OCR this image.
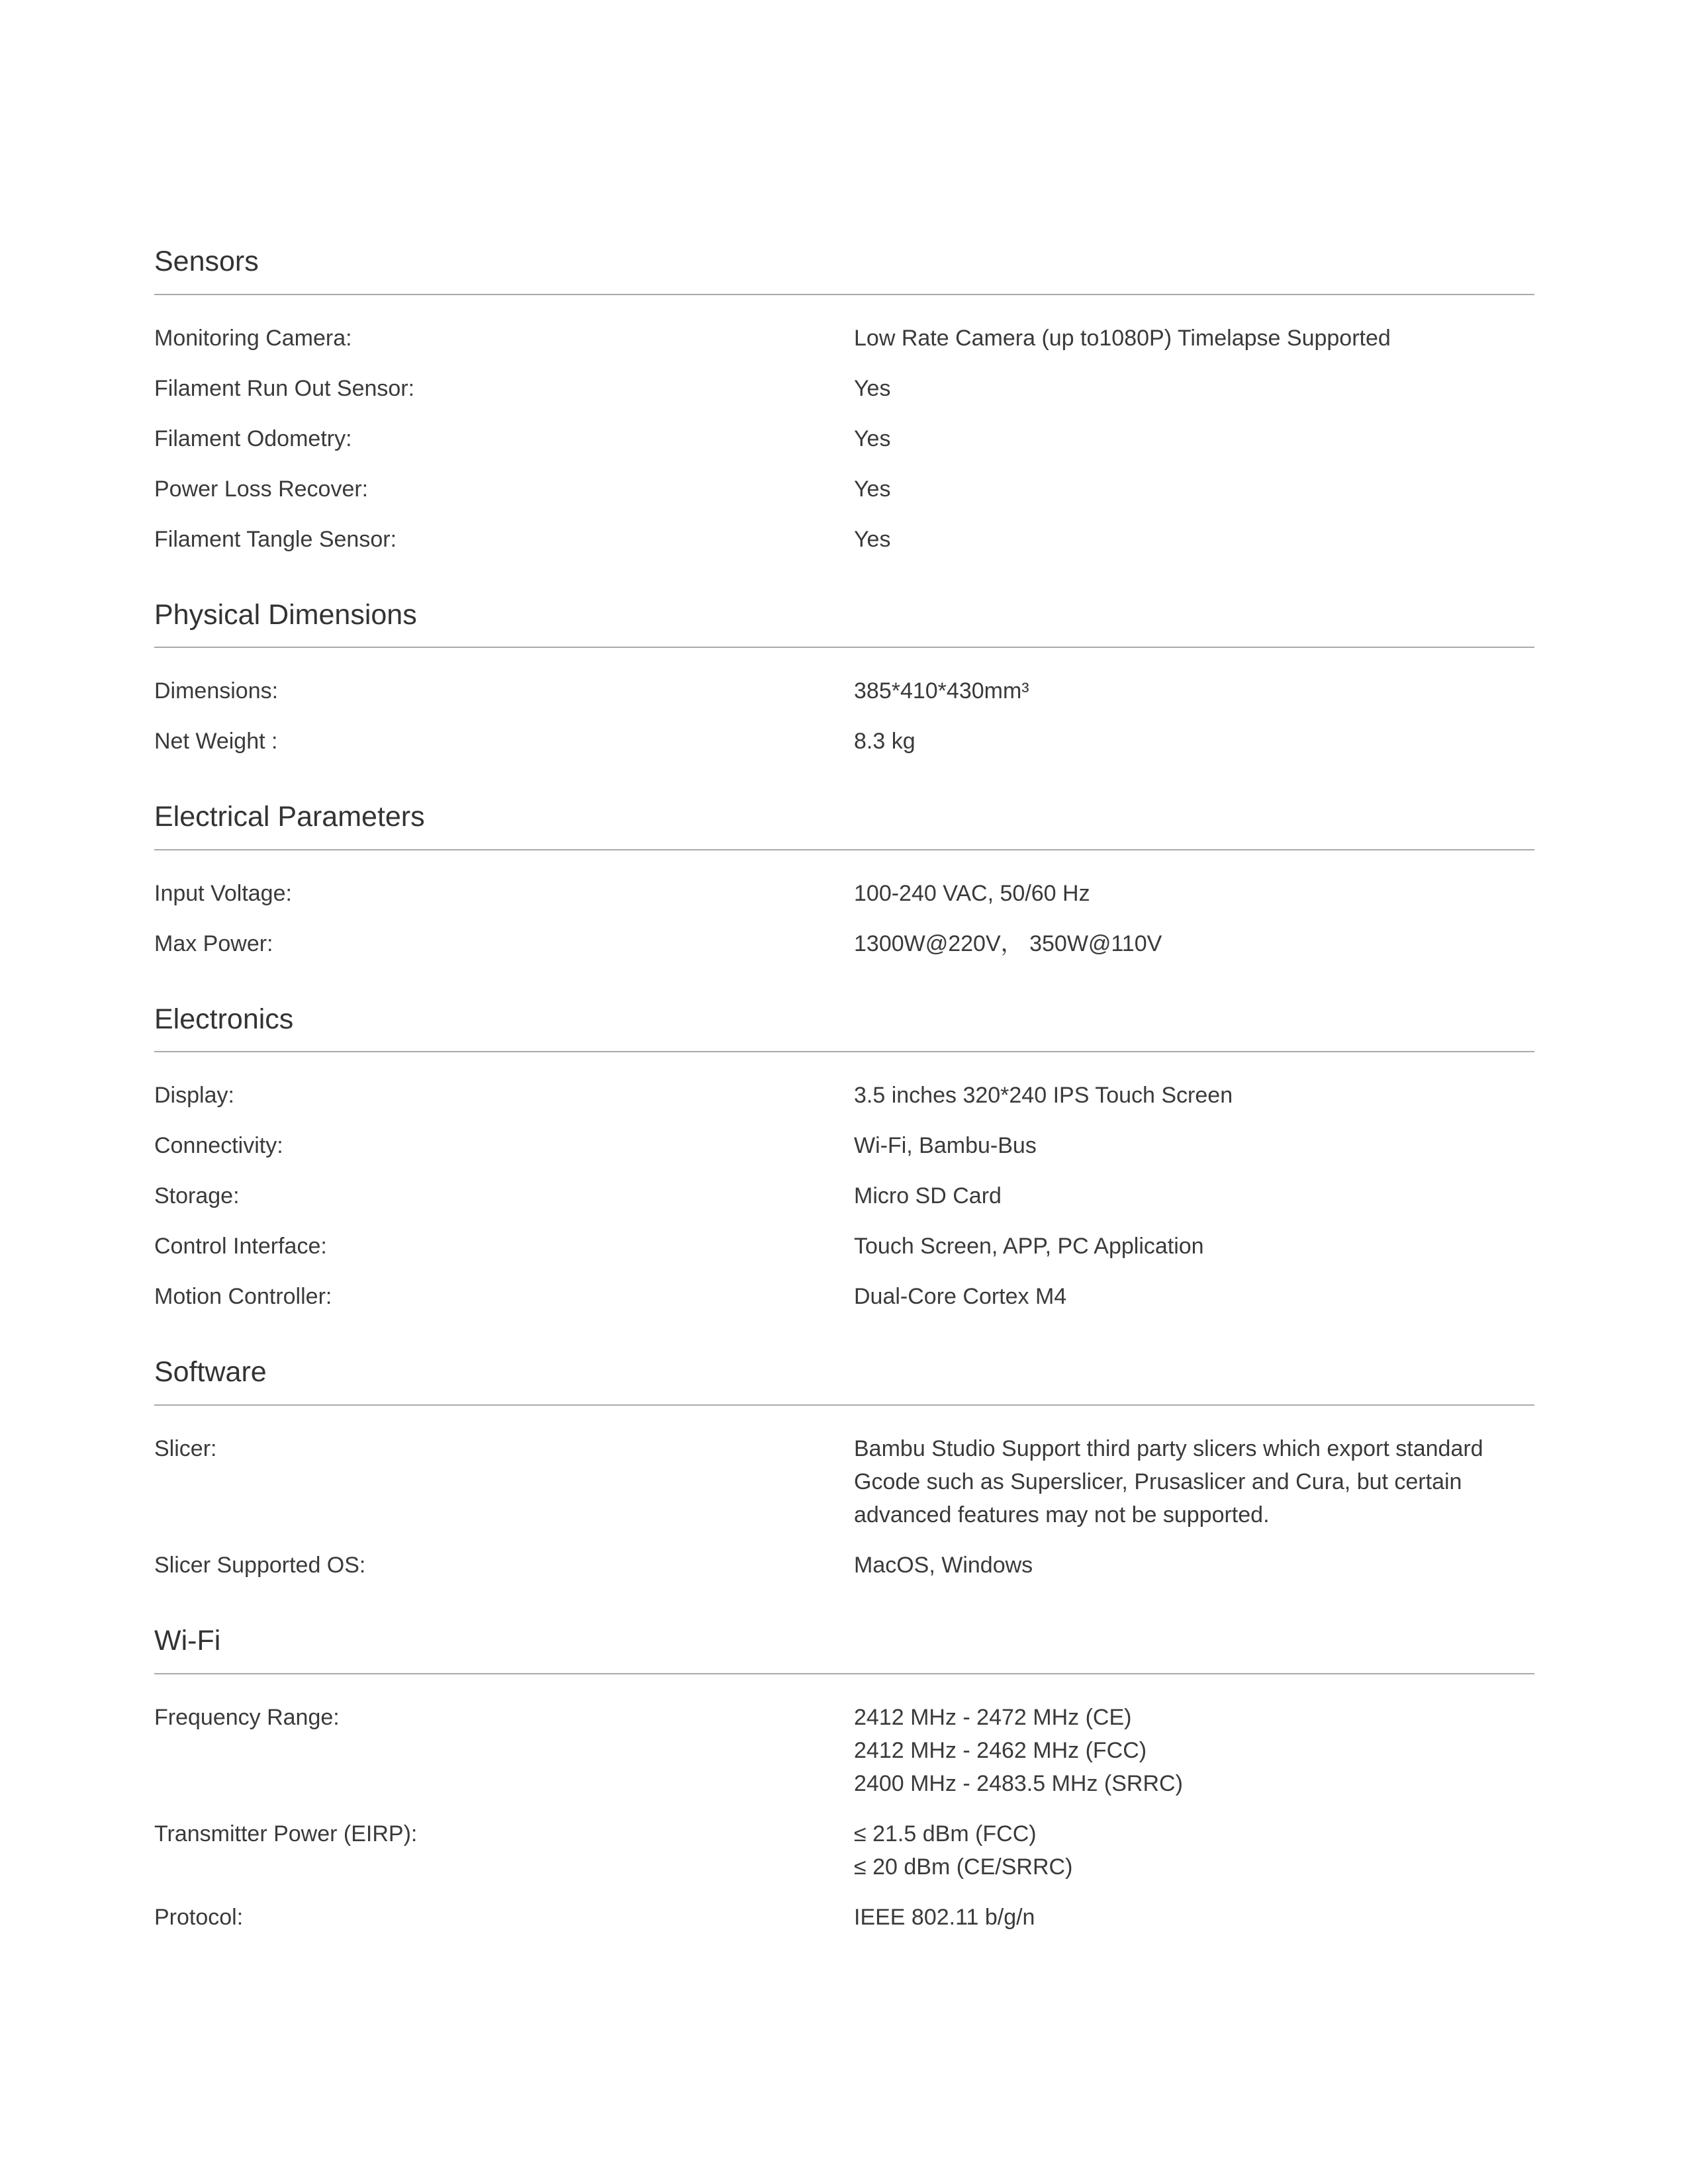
Sensors
Monitoring Camera:	Low Rate Camera (up to1080P) Timelapse Supported
Filament Run Out Sensor:	Yes
Filament Odometry:	Yes
Power Loss Recover:	Yes
Filament Tangle Sensor:	Yes
Physical Dimensions
Dimensions:	385*410*430mm³
Net Weight :	8.3 kg
Electrical Parameters
Input Voltage:	100-240 VAC, 50/60 Hz
Max Power:	1300W@220V， 350W@110V
Electronics
Display:	3.5 inches 320*240 IPS Touch Screen
Connectivity:	Wi-Fi, Bambu-Bus
Storage:	Micro SD Card
Control Interface:	Touch Screen, APP, PC Application
Motion Controller:	Dual-Core Cortex M4
Software
Slicer:	Bambu Studio Support third party slicers which export standard
Gcode such as Superslicer, Prusaslicer and Cura, but certain
advanced features may not be supported.
Slicer Supported OS:	MacOS, Windows
Wi-Fi
Frequency Range:	2412 MHz - 2472 MHz (CE)
2412 MHz - 2462 MHz (FCC)
2400 MHz - 2483.5 MHz (SRRC)
Transmitter Power (EIRP):	≤ 21.5 dBm (FCC)
≤ 20 dBm (CE/SRRC)
Protocol:	IEEE 802.11 b/g/n
